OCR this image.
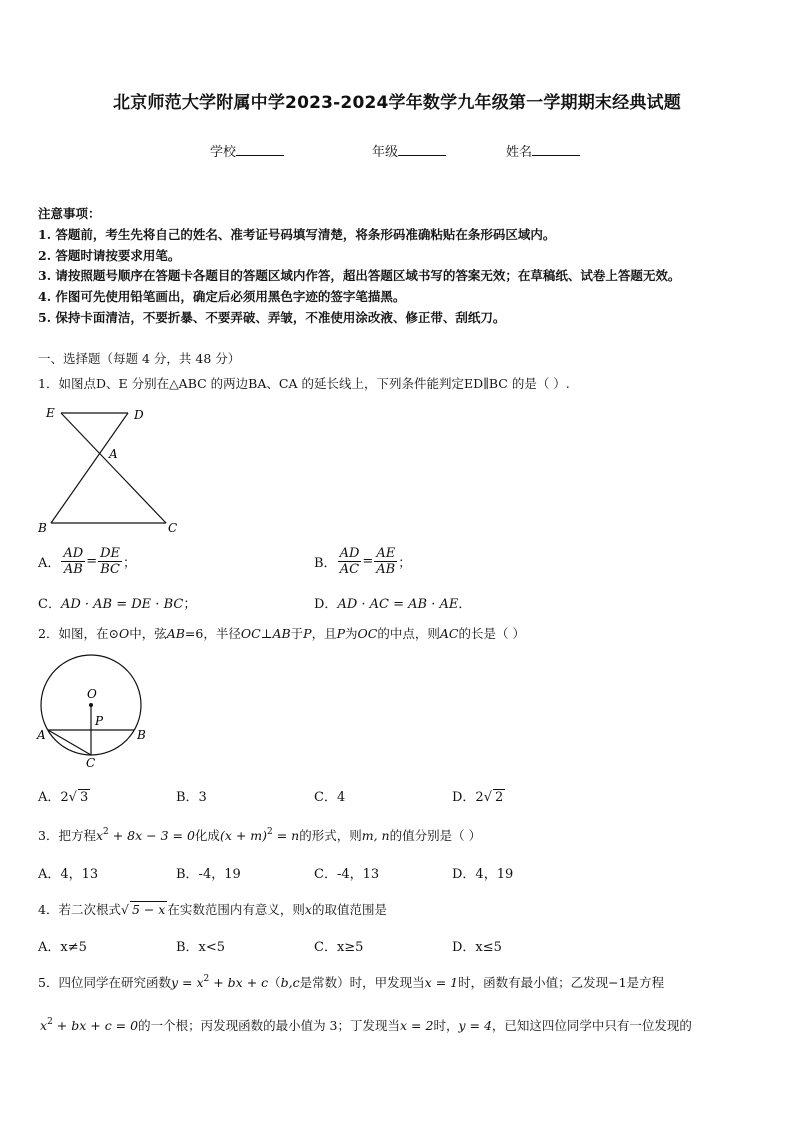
北京师范大学附属中学2023-2024学年数学九年级第一学期期末经典试题
学校	年级	姓名
注意事项：
1. 答题前，考生先将自己的姓名、准考证号码填写清楚，将条形码准确粘贴在条形码区域内。
2. 答题时请按要求用笔。
3. 请按照题号顺序在答题卡各题目的答题区域内作答，超出答题区域书写的答案无效；在草稿纸、试卷上答题无效。
4. 作图可先使用铅笔画出，确定后必须用黑色字迹的签字笔描黑。
5. 保持卡面清洁，不要折暴、不要弄破、弄皱，不准使用涂改液、修正带、刮纸刀。
一、选择题（每题 4 分，共 48 分）
1．如图点D、E 分别在△ABC 的两边BA、CA 的延长线上，下列条件能判定ED∥BC 的是（ ）.
E	D
A
B	C
A． $\frac{AD}{AB} = \frac{DE}{BC}$ ；	B． $\frac{AD}{AC} = \frac{AE}{AB}$ ；
C．AD · AB = DE · BC；	D．AD · AC = AB · AE．
2．如图，在⊙O中，弦AB=6，半径OC⊥AB于P，且P为OC的中点，则AC的长是（ ）
O
P
A	B
C
A．2√ 3	B．3	C．4	D．2√ 2
3．把方程$x^2 + 8x - 3 = 0$化成$(x + m)^2 = n$的形式，则m, n的值分别是（ ）
A．4，13	B．-4，19	C．-4，13	D．4，19
4．若二次根式√ 5 − x 在实数范围内有意义，则x的取值范围是
A．x≠5	B．x<5	C．x≥5	D．x≤5
5．四位同学在研究函数$y = x^2$ + bx + c（b,c是常数）时，甲发现当x = 1时，函数有最小值；乙发现−1是方程
$x^2$ + bx + c = 0的一个根；丙发现函数的最小值为 3；丁发现当x = 2时，y = 4，已知这四位同学中只有一位发现的
